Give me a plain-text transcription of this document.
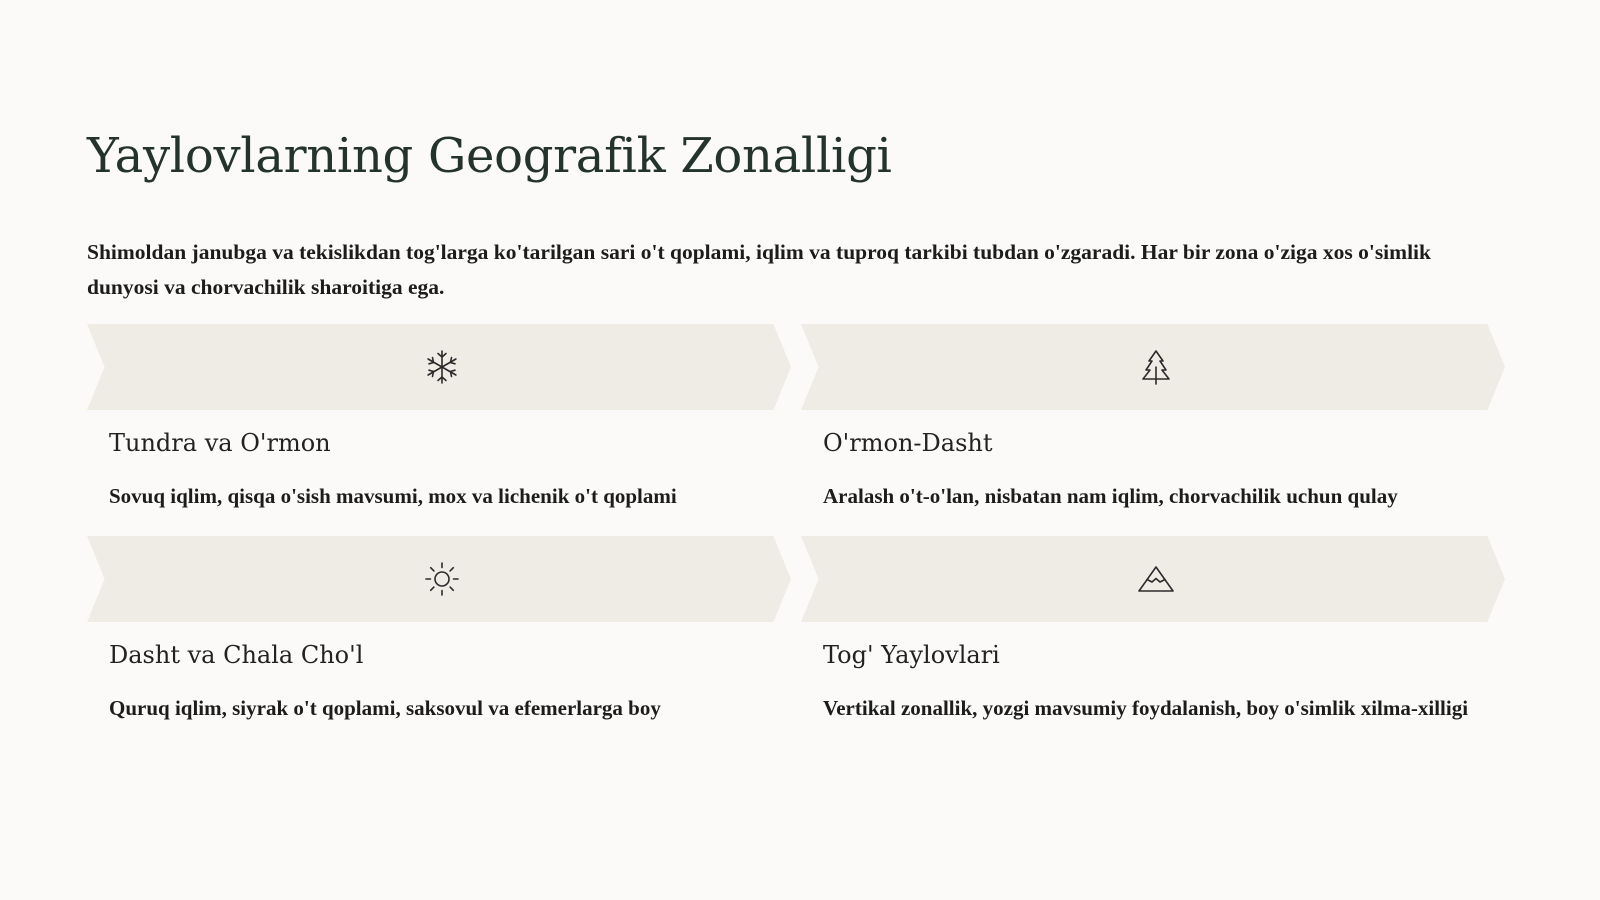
Yaylovlarning Geografik Zonalligi

Shimoldan janubga va tekislikdan tog'larga ko'tarilgan sari o't qoplami, iqlim va tuproq tarkibi tubdan o'zgaradi. Har bir zona o'ziga xos o'simlik dunyosi va chorvachilik sharoitiga ega.

Tundra va O'rmon

Sovuq iqlim, qisqa o'sish mavsumi, mox va lichenik o't qoplami

O'rmon-Dasht

Aralash o't-o'lan, nisbatan nam iqlim, chorvachilik uchun qulay

Dasht va Chala Cho'l

Quruq iqlim, siyrak o't qoplami, saksovul va efemerlarga boy

Tog' Yaylovlari

Vertikal zonallik, yozgi mavsumiy foydalanish, boy o'simlik xilma-xilligi
